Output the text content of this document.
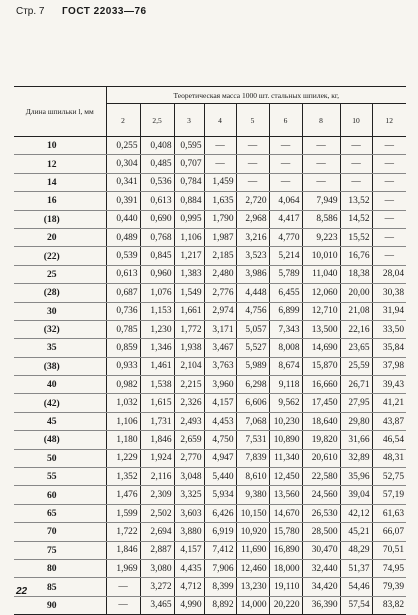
Стр. 7 ГОСТ 22033—76
Длина шпильки l, мм	Теоретическая масса 1000 шт. стальных шпилек, кг,								
	2	2,5	3	4	5	6	8	10	12
10	0,255	0,408	0,595	—	—	—	—	—	—
12	0,304	0,485	0,707	—	—	—	—	—	—
14	0,341	0,536	0,784	1,459	—	—	—	—	—
16	0,391	0,613	0,884	1,635	2,720	4,064	7,949	13,52	—
(18)	0,440	0,690	0,995	1,790	2,968	4,417	8,586	14,52	—
20	0,489	0,768	1,106	1,987	3,216	4,770	9,223	15,52	—
(22)	0,539	0,845	1,217	2,185	3,523	5,214	10,010	16,76	—
25	0,613	0,960	1,383	2,480	3,986	5,789	11,040	18,38	28,04
(28)	0,687	1,076	1,549	2,776	4,448	6,455	12,060	20,00	30,38
30	0,736	1,153	1,661	2,974	4,756	6,899	12,710	21,08	31,94
(32)	0,785	1,230	1,772	3,171	5,057	7,343	13,500	22,16	33,50
35	0,859	1,346	1,938	3,467	5,527	8,008	14,690	23,65	35,84
(38)	0,933	1,461	2,104	3,763	5,989	8,674	15,870	25,59	37,98
40	0,982	1,538	2,215	3,960	6,298	9,118	16,660	26,71	39,43
(42)	1,032	1,615	2,326	4,157	6,606	9,562	17,450	27,95	41,21
45	1,106	1,731	2,493	4,453	7,068	10,230	18,640	29,80	43,87
(48)	1,180	1,846	2,659	4,750	7,531	10,890	19,820	31,66	46,54
50	1,229	1,924	2,770	4,947	7,839	11,340	20,610	32,89	48,31
55	1,352	2,116	3,048	5,440	8,610	12,450	22,580	35,96	52,75
60	1,476	2,309	3,325	5,934	9,380	13,560	24,560	39,04	57,19
65	1,599	2,502	3,603	6,426	10,150	14,670	26,530	42,12	61,63
70	1,722	2,694	3,880	6,919	10,920	15,780	28,500	45,21	66,07
75	1,846	2,887	4,157	7,412	11,690	16,890	30,470	48,29	70,51
80	1,969	3,080	4,435	7,906	12,460	18,000	32,440	51,37	74,95
85	—	3,272	4,712	8,399	13,230	19,110	34,420	54,46	79,39
90	—	3,465	4,990	8,892	14,000	20,220	36,390	57,54	83,82
22
